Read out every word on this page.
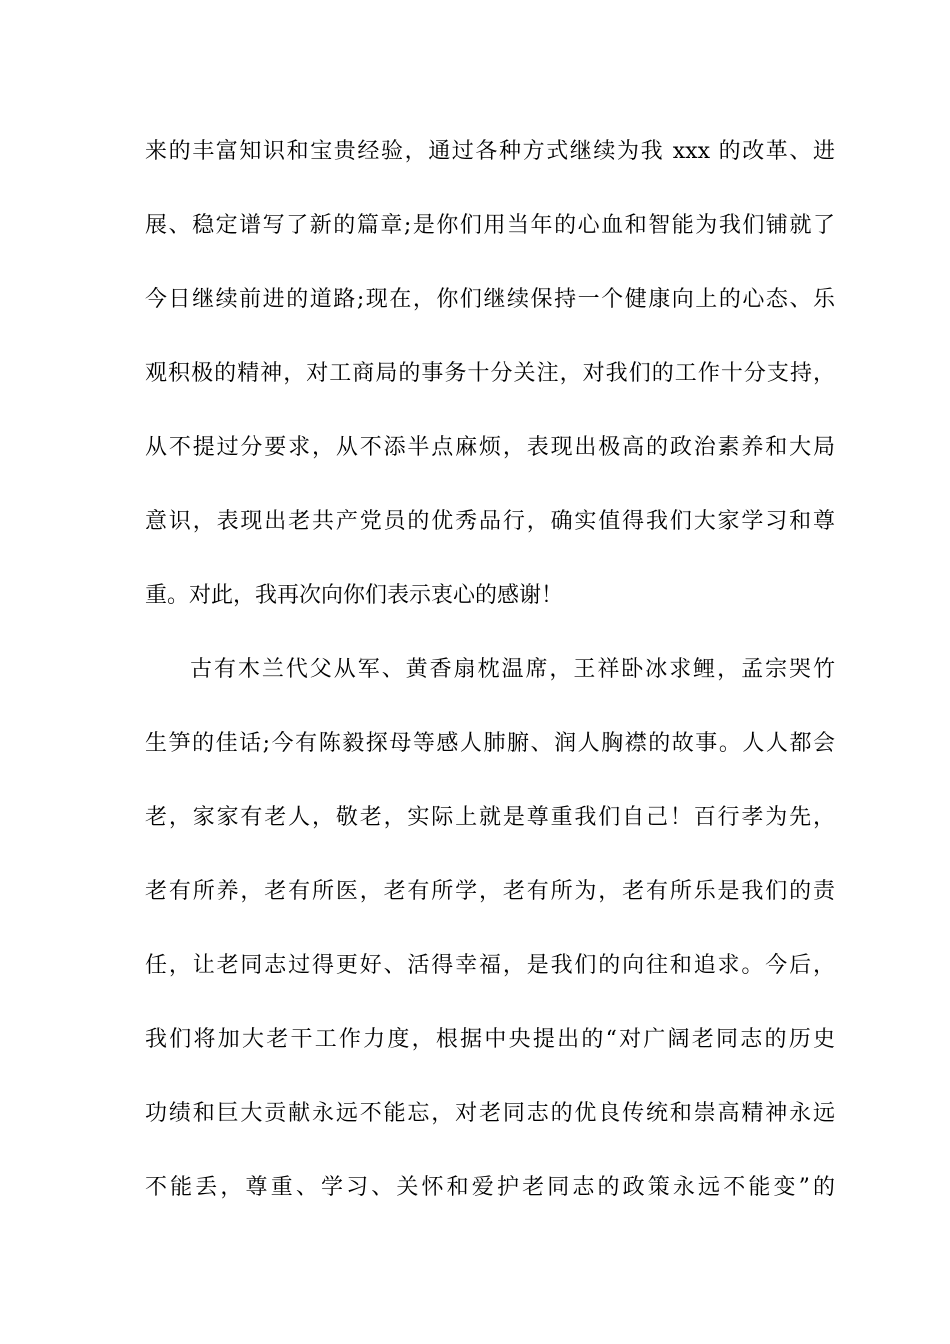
来的丰富知识和宝贵经验，通过各种方式继续为我 xxx 的改革、进
展、稳定谱写了新的篇章;是你们用当年的心血和智能为我们铺就了
今日继续前进的道路;现在，你们继续保持一个健康向上的心态、乐
观积极的精神，对工商局的事务十分关注，对我们的工作十分支持，
从不提过分要求，从不添半点麻烦，表现出极高的政治素养和大局
意识，表现出老共产党员的优秀品行，确实值得我们大家学习和尊
重。对此，我再次向你们表示衷心的感谢！
古有木兰代父从军、黄香扇枕温席，王祥卧冰求鲤，孟宗哭竹
生笋的佳话;今有陈毅探母等感人肺腑、润人胸襟的故事。人人都会
老，家家有老人，敬老，实际上就是尊重我们自己！百行孝为先，
老有所养，老有所医，老有所学，老有所为，老有所乐是我们的责
任，让老同志过得更好、活得幸福，是我们的向往和追求。今后，
我们将加大老干工作力度，根据中央提出的“对广阔老同志的历史
功绩和巨大贡献永远不能忘，对老同志的优良传统和崇高精神永远
不能丢，尊重、学习、关怀和爱护老同志的政策永远不能变”的
